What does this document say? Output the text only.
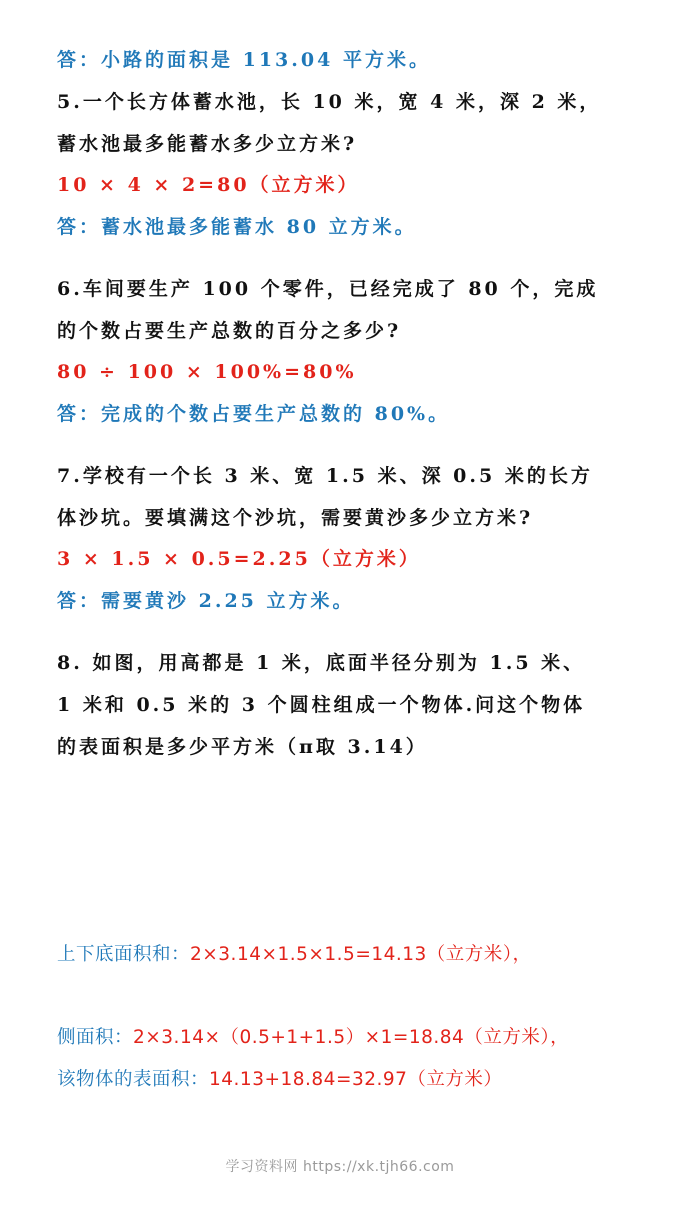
答：小路的面积是 113.04 平方米。
5.一个长方体蓄水池，长 10 米，宽 4 米，深 2 米，
蓄水池最多能蓄水多少立方米?
10 × 4 × 2=80（立方米）
答：蓄水池最多能蓄水 80 立方米。
6.车间要生产 100 个零件，已经完成了 80 个，完成
的个数占要生产总数的百分之多少?
80 ÷ 100 × 100%=80%
答：完成的个数占要生产总数的 80%。
7.学校有一个长 3 米、宽 1.5 米、深 0.5 米的长方
体沙坑。要填满这个沙坑，需要黄沙多少立方米?
3 × 1.5 × 0.5=2.25（立方米）
答：需要黄沙 2.25 立方米。
8. 如图，用高都是 1 米，底面半径分别为 1.5 米、
1 米和 0.5 米的 3 个圆柱组成一个物体.问这个物体
的表面积是多少平方米（π取 3.14）
上下底面积和：2×3.14×1.5×1.5=14.13（立方米），
侧面积：2×3.14×（0.5+1+1.5）×1=18.84（立方米），
该物体的表面积：14.13+18.84=32.97（立方米）
学习资料网 https://xk.tjh66.com
